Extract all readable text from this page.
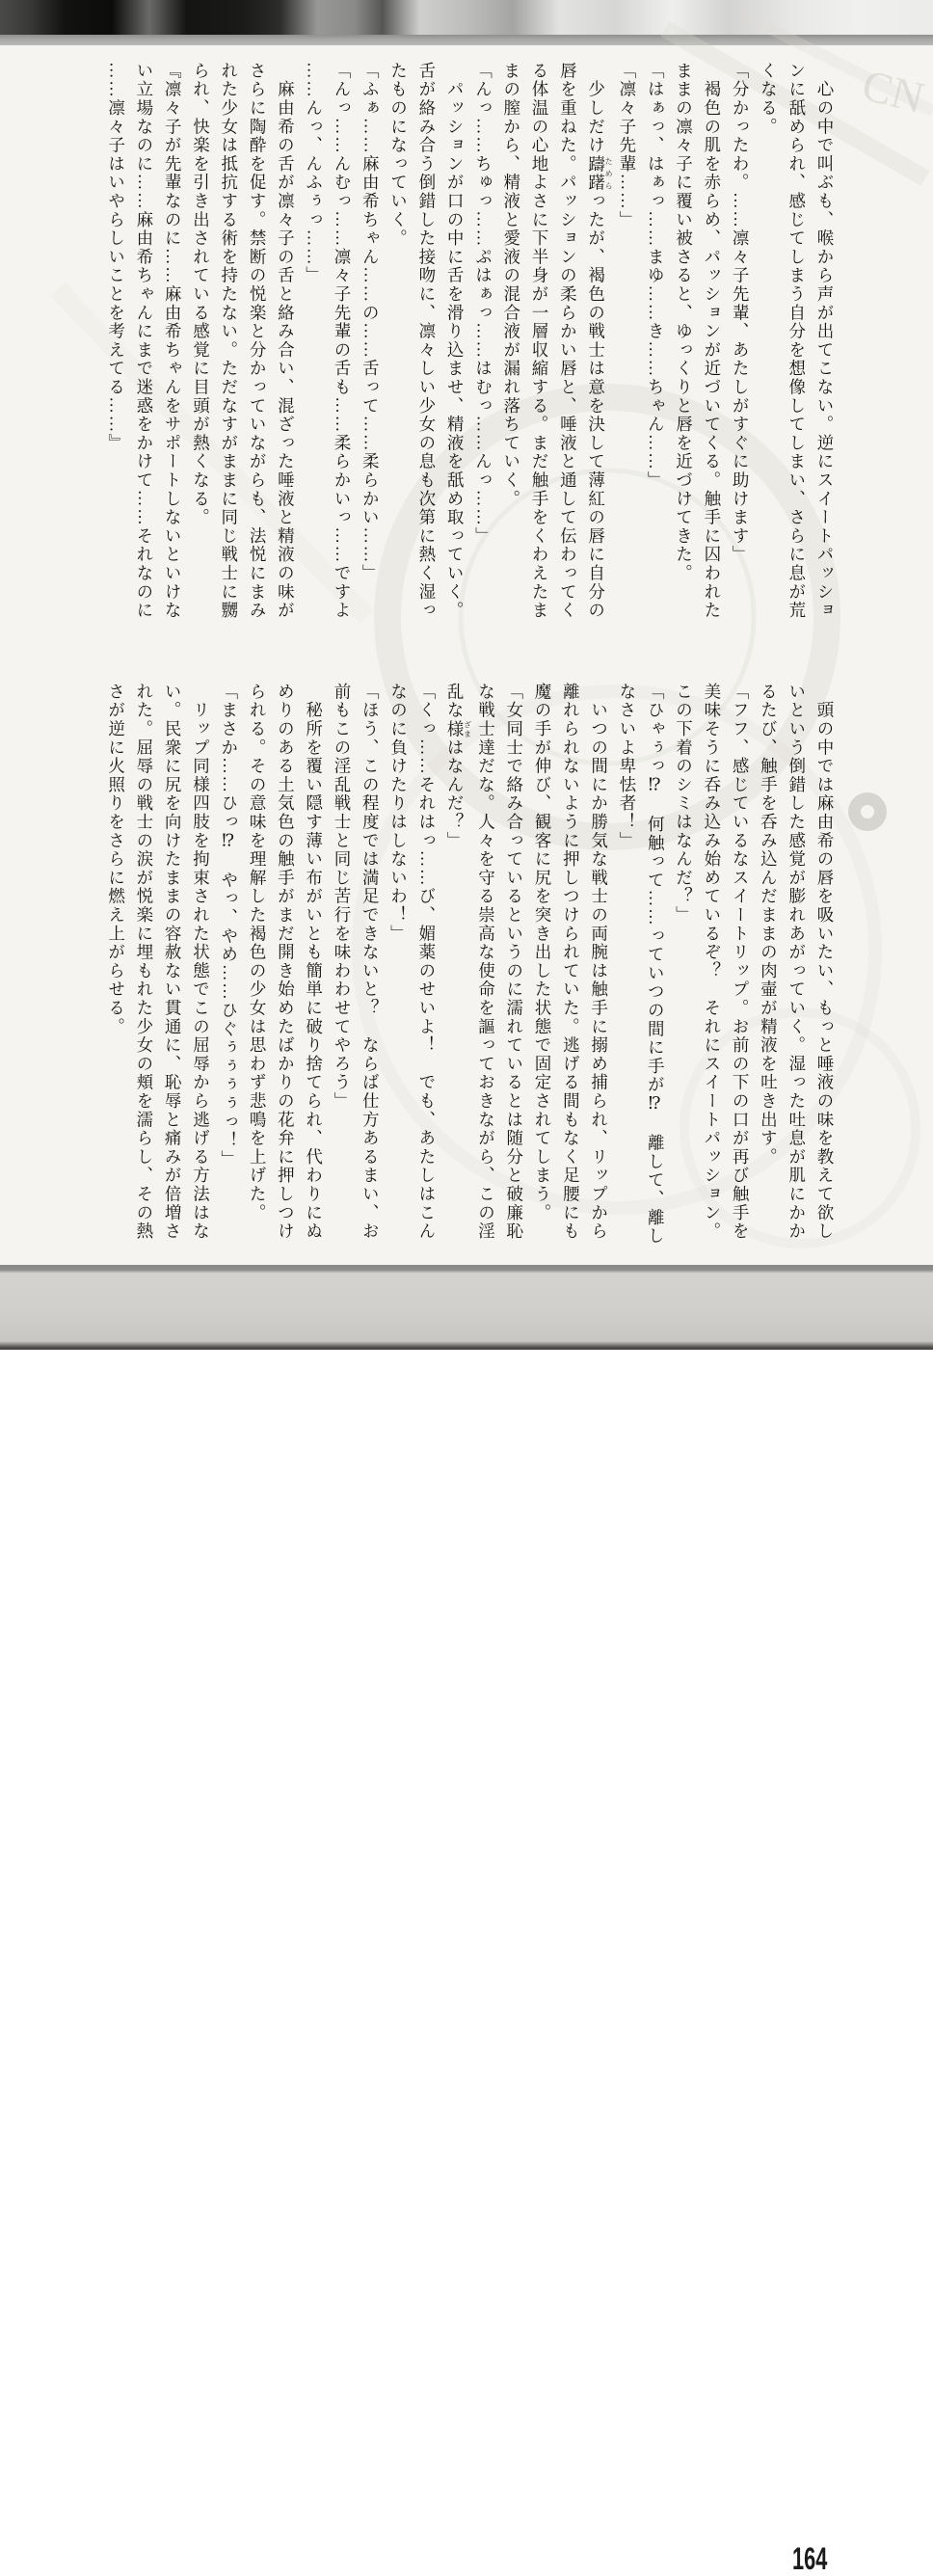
CN

　心の中で叫ぶも、喉から声が出てこない。逆にスイートパッショ

ンに舐められ、感じてしまう自分を想像してしまい、さらに息が荒

くなる。

「分かったわ。……凛々子先輩、あたしがすぐに助けます」

　褐色の肌を赤らめ、パッションが近づいてくる。触手に囚われた

ままの凛々子に覆い被さると、ゆっくりと唇を近づけてきた。

「はぁっ、はぁっ……まゆ……き……ちゃん……」

「凛々子先輩……」

　少しだけ躊躇ためらったが、褐色の戦士は意を決して薄紅の唇に自分の

唇を重ねた。パッションの柔らかい唇と、唾液と通して伝わってく

る体温の心地よさに下半身が一層収縮する。まだ触手をくわえたま

まの膣から、精液と愛液の混合液が漏れ落ちていく。

「んっ……ちゅっ……ぷはぁっ……はむっ……んっ……」

　パッションが口の中に舌を滑り込ませ、精液を舐め取っていく。

舌が絡み合う倒錯した接吻に、凛々しい少女の息も次第に熱く湿っ

たものになっていく。

「ふぁ……麻由希ちゃん……の……舌って……柔らかい……」

「んっ……んむっ……凛々子先輩の舌も……柔らかいっ……ですよ

……んっ、んふぅっ……」

　麻由希の舌が凛々子の舌と絡み合い、混ざった唾液と精液の味が

さらに陶酔を促す。禁断の悦楽と分かっていながらも、法悦にまみ

れた少女は抵抗する術を持たない。ただなすがままに同じ戦士に嬲

られ、快楽を引き出されている感覚に目頭が熱くなる。

『凛々子が先輩なのに……麻由希ちゃんをサポートしないといけな

い立場なのに……麻由希ちゃんにまで迷惑をかけて……それなのに

……凛々子はいやらしいことを考えてる……』

　頭の中では麻由希の唇を吸いたい、もっと唾液の味を教えて欲し

いという倒錯した感覚が膨れあがっていく。湿った吐息が肌にかか

るたび、触手を呑み込んだままの肉壷が精液を吐き出す。

「フフ、感じているなスイートリップ。お前の下の口が再び触手を

美味そうに呑み込み始めているぞ？　それにスイートパッション。

この下着のシミはなんだ？」

「ひゃぅっ⁉　何触って……っていつの間に手が⁉　離して、離し

なさいよ卑怯者！」

　いつの間にか勝気な戦士の両腕は触手に搦め捕られ、リップから

離れられないように押しつけられていた。逃げる間もなく足腰にも

魔の手が伸び、観客に尻を突き出した状態で固定されてしまう。

「女同士で絡み合っているというのに濡れているとは随分と破廉恥

な戦士達だな。人々を守る崇高な使命を謳っておきながら、この淫

乱な様ざまはなんだ？」

「くっ……それはっ……び、媚薬のせいよ！　でも、あたしはこん

なのに負けたりはしないわ！」

「ほう、この程度では満足できないと？　ならば仕方あるまい、お

前もこの淫乱戦士と同じ苦行を味わわせてやろう」

　秘所を覆い隠す薄い布がいとも簡単に破り捨てられ、代わりにぬ

めりのある土気色の触手がまだ開き始めたばかりの花弁に押しつけ

られる。その意味を理解した褐色の少女は思わず悲鳴を上げた。

「まさか……ひっ⁉　やっ、やめ……ひぐぅぅぅぅっ！」

　リップ同様四肢を拘束された状態でこの屈辱から逃げる方法はな

い。民衆に尻を向けたままの容赦ない貫通に、恥辱と痛みが倍増さ

れた。屈辱の戦士の涙が悦楽に埋もれた少女の頬を濡らし、その熱

さが逆に火照りをさらに燃え上がらせる。

164
